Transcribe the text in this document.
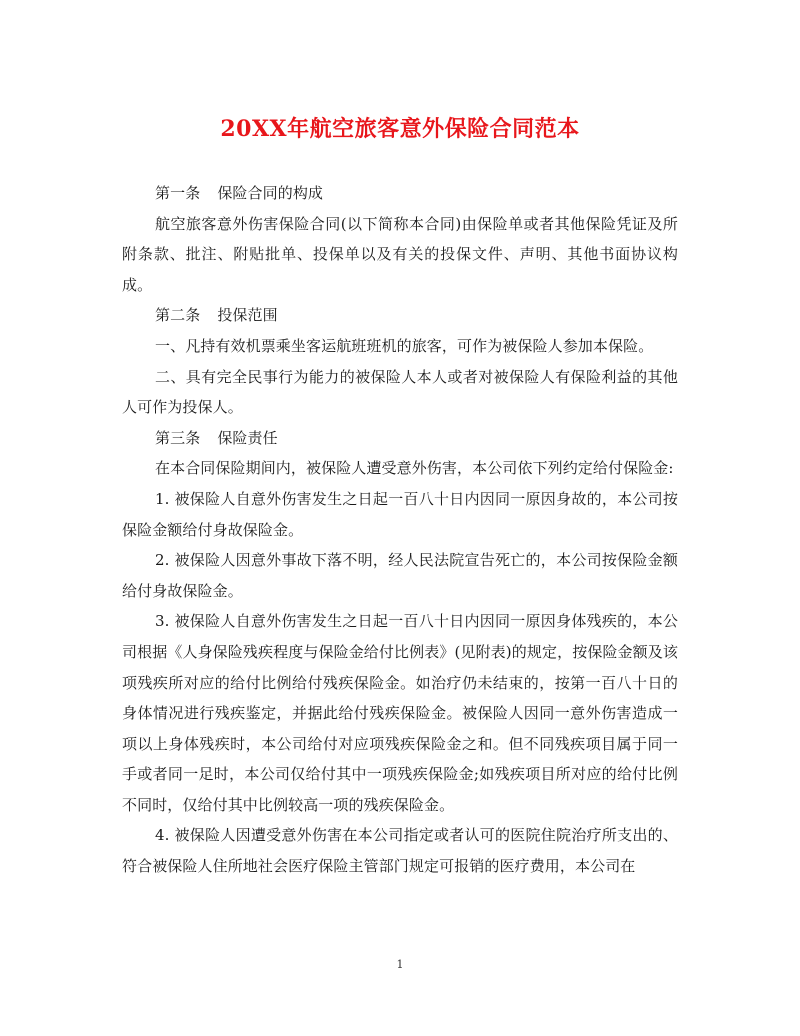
20XX年航空旅客意外保险合同范本

第一条 保险合同的构成

航空旅客意外伤害保险合同(以下简称本合同)由保险单或者其他保险凭证及所附条款、批注、附贴批单、投保单以及有关的投保文件、声明、其他书面协议构成。

第二条 投保范围

一、凡持有效机票乘坐客运航班班机的旅客，可作为被保险人参加本保险。

二、具有完全民事行为能力的被保险人本人或者对被保险人有保险利益的其他人可作为投保人。

第三条 保险责任

在本合同保险期间内，被保险人遭受意外伤害，本公司依下列约定给付保险金:

1. 被保险人自意外伤害发生之日起一百八十日内因同一原因身故的，本公司按保险金额给付身故保险金。

2. 被保险人因意外事故下落不明，经人民法院宣告死亡的，本公司按保险金额给付身故保险金。

3. 被保险人自意外伤害发生之日起一百八十日内因同一原因身体残疾的，本公司根据《人身保险残疾程度与保险金给付比例表》(见附表)的规定，按保险金额及该项残疾所对应的给付比例给付残疾保险金。如治疗仍未结束的，按第一百八十日的身体情况进行残疾鉴定，并据此给付残疾保险金。被保险人因同一意外伤害造成一项以上身体残疾时，本公司给付对应项残疾保险金之和。但不同残疾项目属于同一手或者同一足时，本公司仅给付其中一项残疾保险金;如残疾项目所对应的给付比例不同时，仅给付其中比例较高一项的残疾保险金。

4. 被保险人因遭受意外伤害在本公司指定或者认可的医院住院治疗所支出的、符合被保险人住所地社会医疗保险主管部门规定可报销的医疗费用，本公司在

1
